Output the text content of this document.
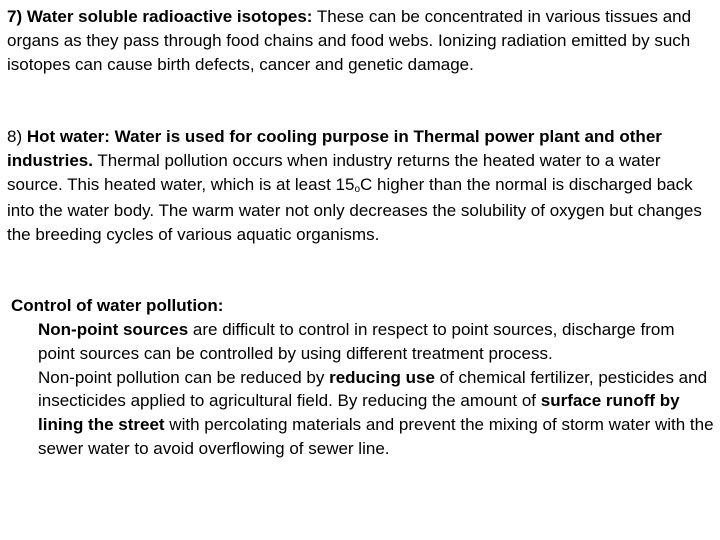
7) Water soluble radioactive isotopes: These can be concentrated in various tissues and organs as they pass through food chains and food webs. Ionizing radiation emitted by such isotopes can cause birth defects, cancer and genetic damage.
8) Hot water: Water is used for cooling purpose in Thermal power plant and other industries. Thermal pollution occurs when industry returns the heated water to a water source. This heated water, which is at least 15$^o$C higher than the normal is discharged back into the water body. The warm water not only decreases the solubility of oxygen but changes the breeding cycles of various aquatic organisms.
Control of water pollution:
Non-point sources are difficult to control in respect to point sources, discharge from point sources can be controlled by using different treatment process.
Non-point pollution can be reduced by reducing use of chemical fertilizer, pesticides and insecticides applied to agricultural field. By reducing the amount of surface runoff by lining the street with percolating materials and prevent the mixing of storm water with the sewer water to avoid overflowing of sewer line.
